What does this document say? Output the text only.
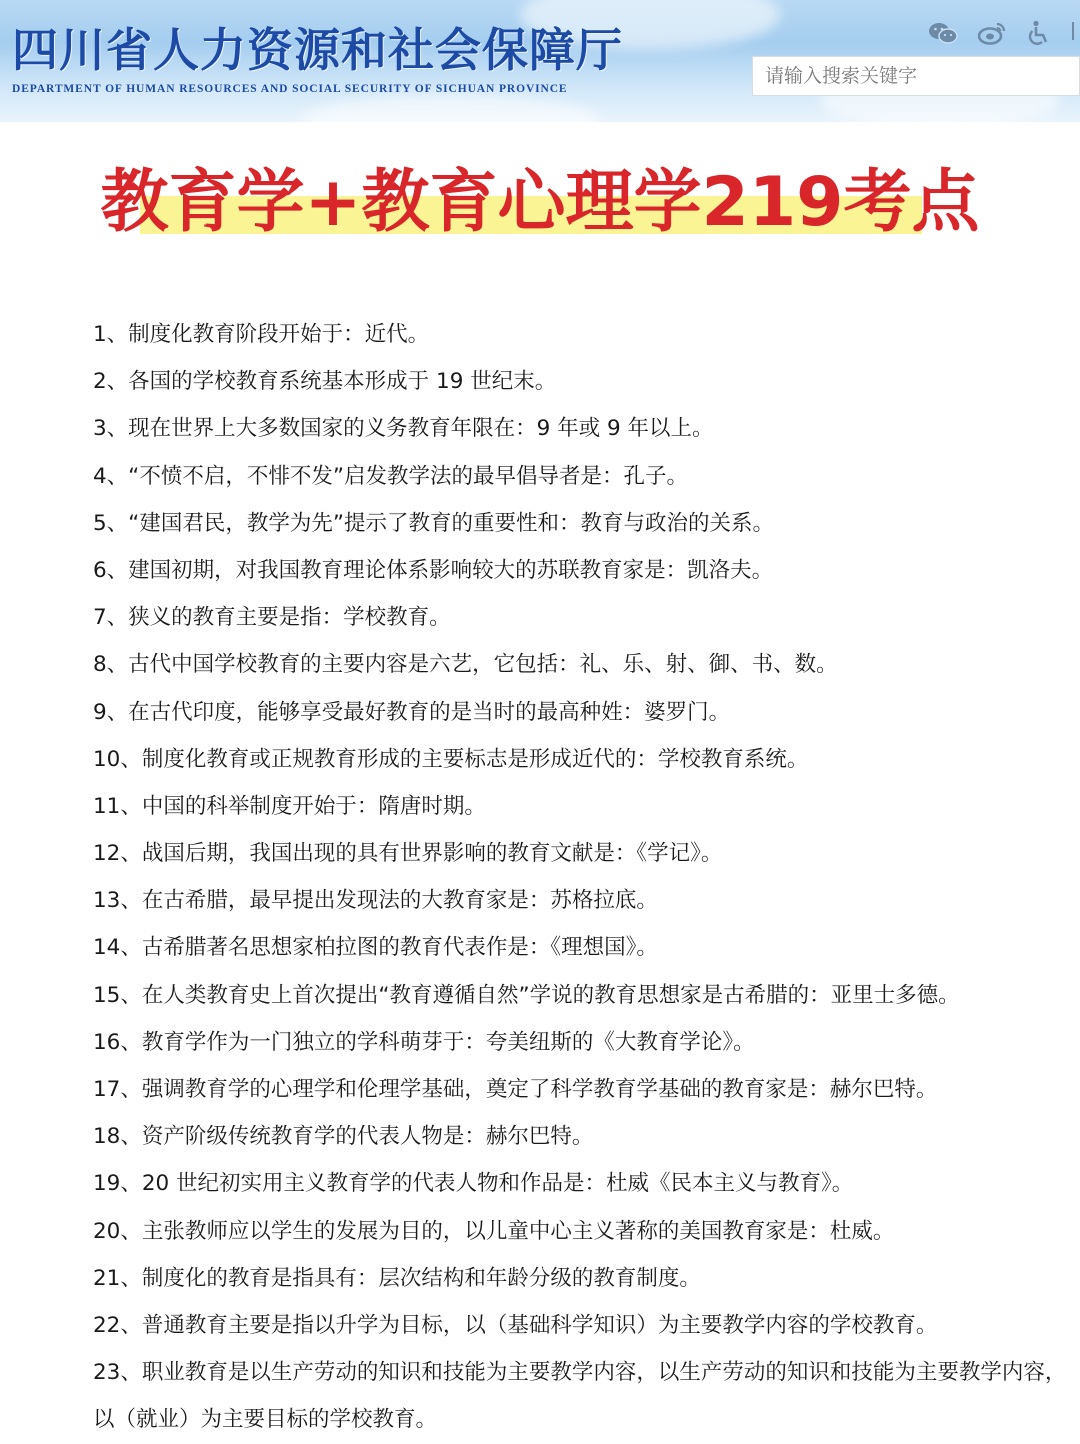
四川省人力资源和社会保障厅
DEPARTMENT OF HUMAN RESOURCES AND SOCIAL SECURITY OF SICHUAN PROVINCE
请输入搜索关键字
教育学+教育心理学219考点
1、制度化教育阶段开始于：近代。
2、各国的学校教育系统基本形成于 19 世纪末。
3、现在世界上大多数国家的义务教育年限在：9 年或 9 年以上。
4、“不愤不启，不悱不发”启发教学法的最早倡导者是：孔子。
5、“建国君民，教学为先”提示了教育的重要性和：教育与政治的关系。
6、建国初期，对我国教育理论体系影响较大的苏联教育家是：凯洛夫。
7、狭义的教育主要是指：学校教育。
8、古代中国学校教育的主要内容是六艺，它包括：礼、乐、射、御、书、数。
9、在古代印度，能够享受最好教育的是当时的最高种姓：婆罗门。
10、制度化教育或正规教育形成的主要标志是形成近代的：学校教育系统。
11、中国的科举制度开始于：隋唐时期。
12、战国后期，我国出现的具有世界影响的教育文献是：《学记》。
13、在古希腊，最早提出发现法的大教育家是：苏格拉底。
14、古希腊著名思想家柏拉图的教育代表作是：《理想国》。
15、在人类教育史上首次提出“教育遵循自然”学说的教育思想家是古希腊的：亚里士多德。
16、教育学作为一门独立的学科萌芽于：夸美纽斯的《大教育学论》。
17、强调教育学的心理学和伦理学基础，奠定了科学教育学基础的教育家是：赫尔巴特。
18、资产阶级传统教育学的代表人物是：赫尔巴特。
19、20 世纪初实用主义教育学的代表人物和作品是：杜威《民本主义与教育》。
20、主张教师应以学生的发展为目的，以儿童中心主义著称的美国教育家是：杜威。
21、制度化的教育是指具有：层次结构和年龄分级的教育制度。
22、普通教育主要是指以升学为目标，以（基础科学知识）为主要教学内容的学校教育。
23、职业教育是以生产劳动的知识和技能为主要教学内容，以生产劳动的知识和技能为主要教学内容，以（就业）为主要目标的学校教育。
